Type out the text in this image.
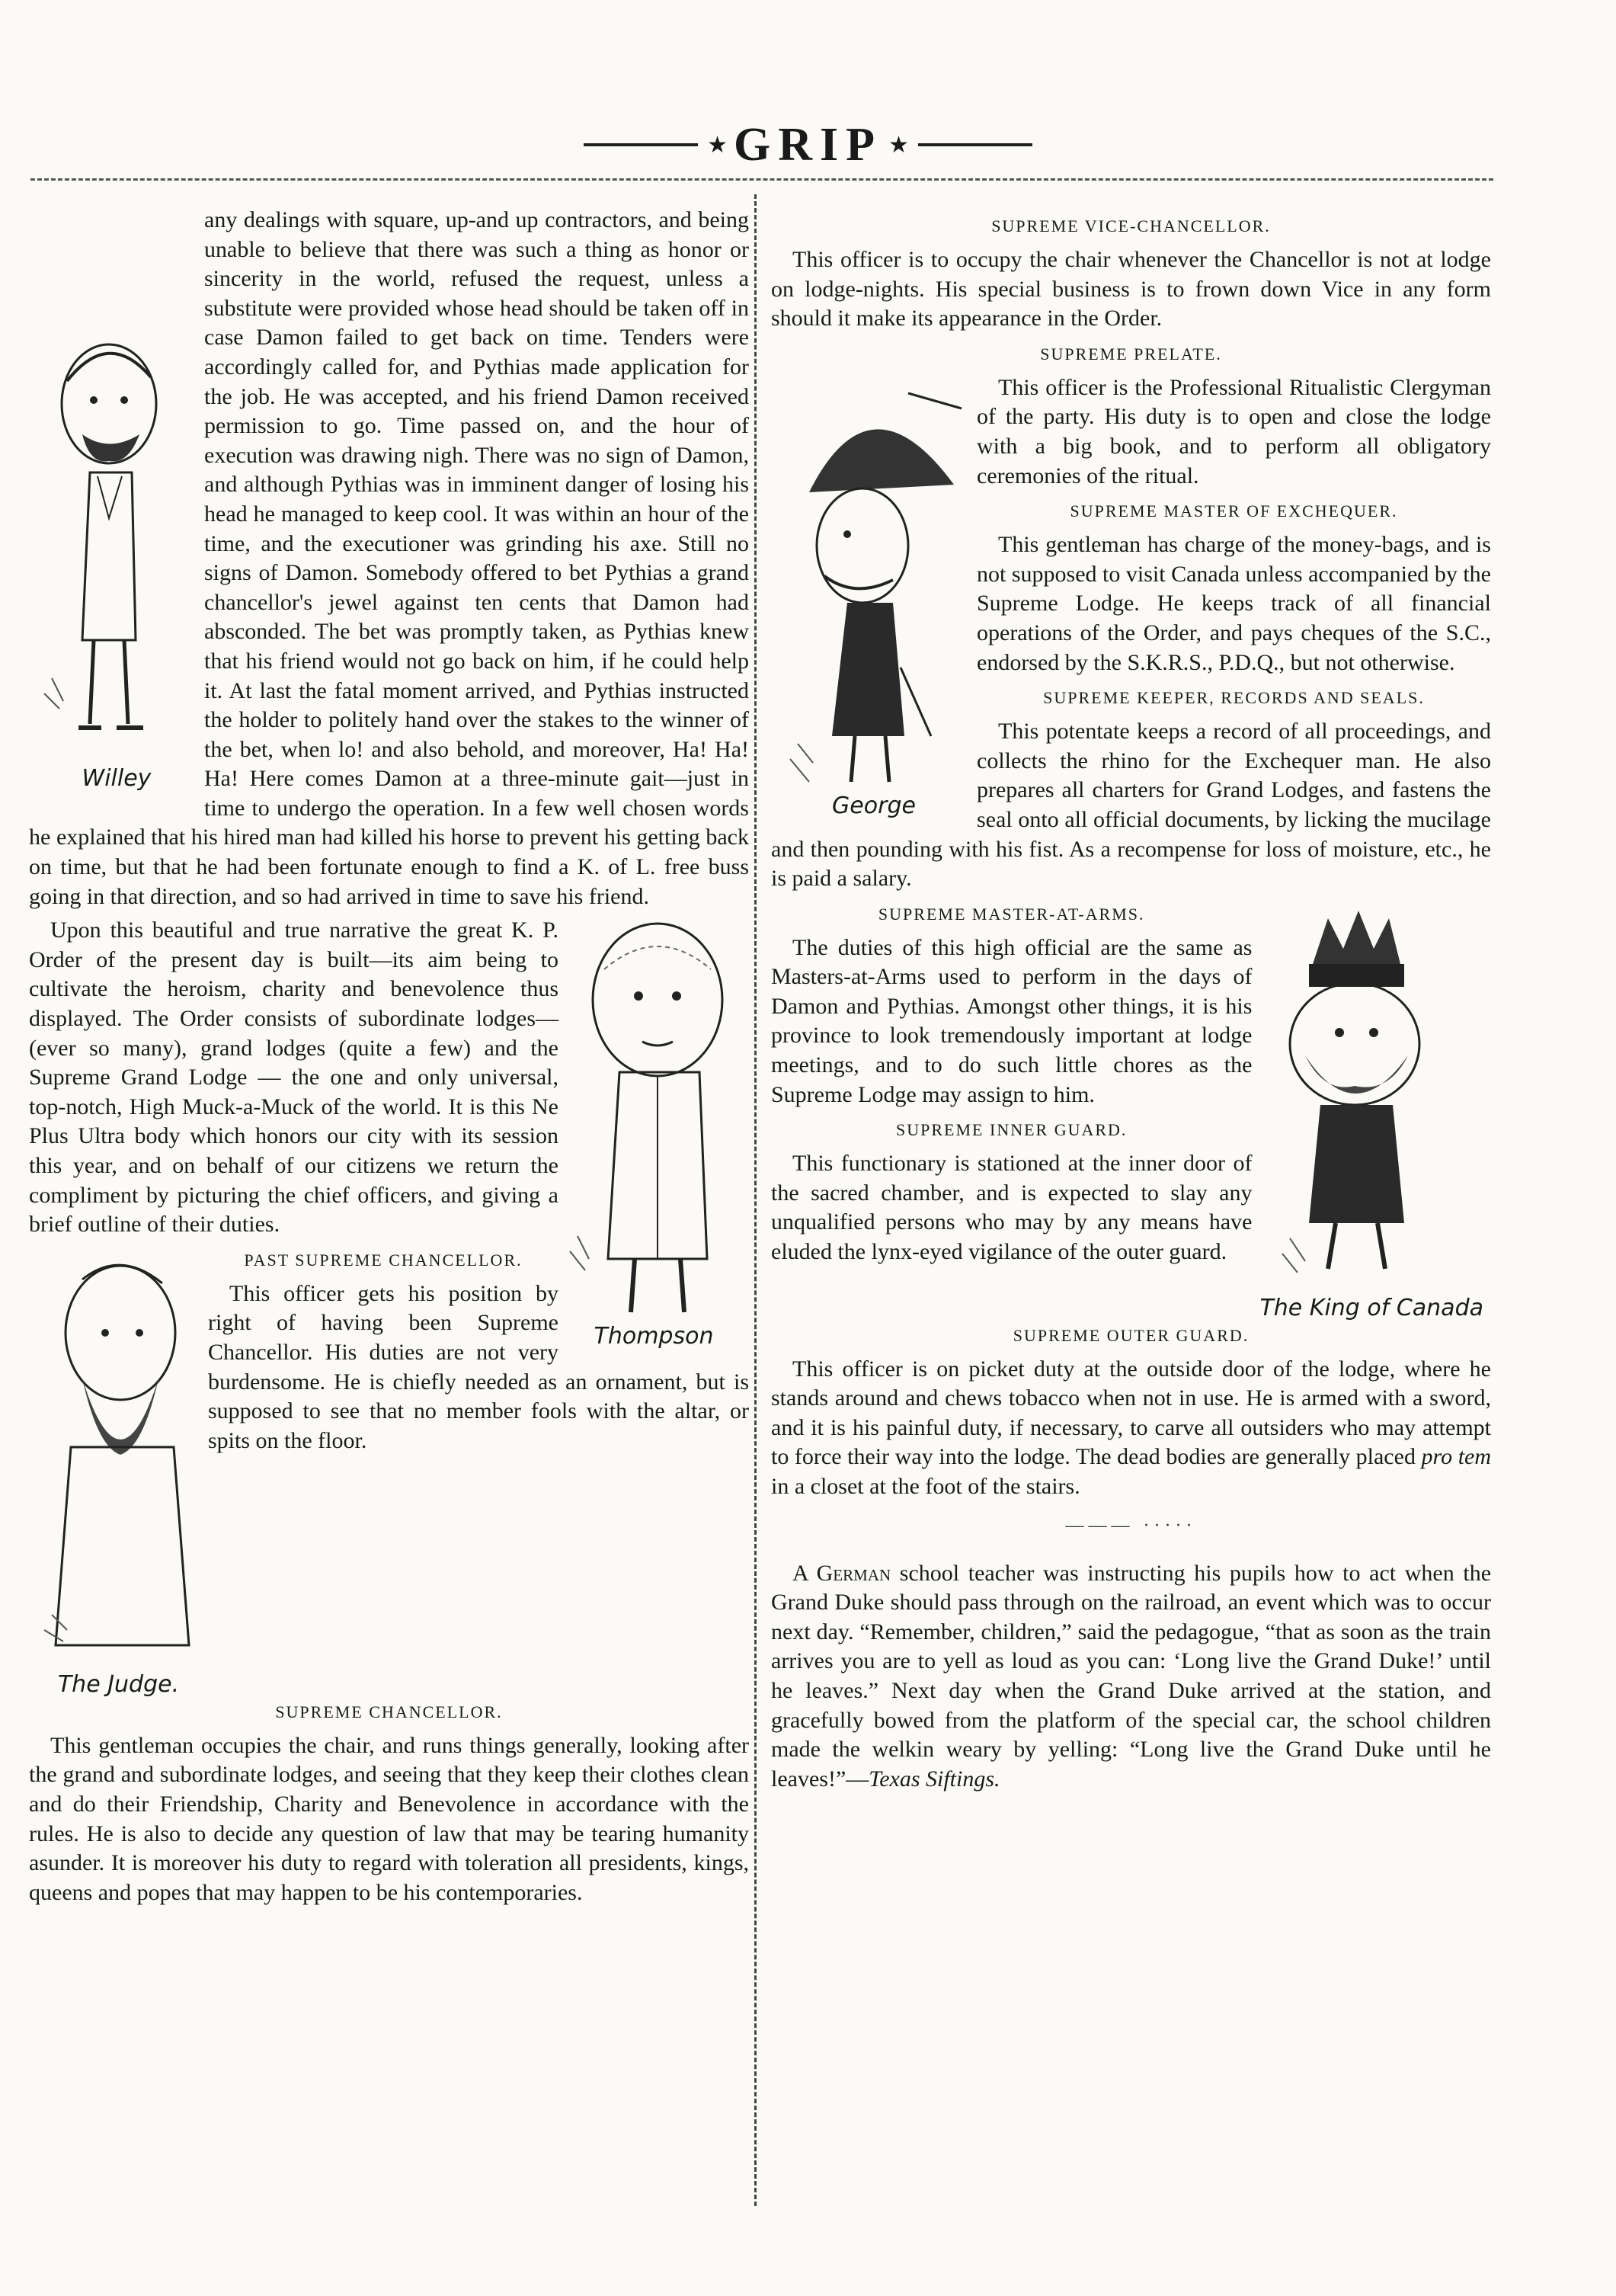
★ GRIP ★
Willey

any dealings with square, up-and up contractors, and being unable to believe that there was such a thing as honor or sincerity in the world, refused the request, unless a substitute were provided whose head should be taken off in case Damon failed to get back on time. Tenders were accordingly called for, and Pythias made application for the job. He was accepted, and his friend Damon received permission to go. Time passed on, and the hour of execution was drawing nigh. There was no sign of Damon, and although Pythias was in imminent danger of losing his head he managed to keep cool. It was within an hour of the time, and the executioner was grinding his axe. Still no signs of Damon. Somebody offered to bet Pythias a grand chancellor's jewel against ten cents that Damon had absconded. The bet was promptly taken, as Pythias knew that his friend would not go back on him, if he could help it. At last the fatal moment arrived, and Pythias instructed the holder to politely hand over the stakes to the winner of the bet, when lo! and also behold, and moreover, Ha! Ha! Ha! Here comes Damon at a three-minute gait—just in time to undergo the operation. In a few well chosen words he explained that his hired man had killed his horse to prevent his getting back on time, but that he had been fortunate enough to find a K. of L. free buss going in that direction, and so had arrived in time to save his friend.

Thompson

Upon this beautiful and true narrative the great K. P. Order of the present day is built—its aim being to cultivate the heroism, charity and benevolence thus displayed. The Order consists of subordinate lodges— (ever so many), grand lodges (quite a few) and the Supreme Grand Lodge — the one and only universal, top-notch, High Muck-a-Muck of the world. It is this Ne Plus Ultra body which honors our city with its session this year, and on behalf of our citizens we return the compliment by picturing the chief officers, and giving a brief outline of their duties.

The Judge.
PAST SUPREME CHANCELLOR.

This officer gets his position by right of having been Supreme Chancellor. His duties are not very burdensome. He is chiefly needed as an ornament, but is supposed to see that no member fools with the altar, or spits on the floor.

SUPREME CHANCELLOR.

This gentleman occupies the chair, and runs things generally, looking after the grand and subordinate lodges, and seeing that they keep their clothes clean and do their Friendship, Charity and Benevolence in accordance with the rules. He is also to decide any question of law that may be tearing humanity asunder. It is moreover his duty to regard with toleration all presidents, kings, queens and popes that may happen to be his contemporaries.

SUPREME VICE-CHANCELLOR.

This officer is to occupy the chair whenever the Chancellor is not at lodge on lodge-nights. His special business is to frown down Vice in any form should it make its appearance in the Order.

SUPREME PRELATE.
George

This officer is the Professional Ritualistic Clergyman of the party. His duty is to open and close the lodge with a big book, and to perform all obligatory ceremonies of the ritual.

SUPREME MASTER OF EXCHEQUER.

This gentleman has charge of the money-bags, and is not supposed to visit Canada unless accompanied by the Supreme Lodge. He keeps track of all financial operations of the Order, and pays cheques of the S.C., endorsed by the S.K.R.S., P.D.Q., but not otherwise.

SUPREME KEEPER, RECORDS AND SEALS.

This potentate keeps a record of all proceedings, and collects the rhino for the Exchequer man. He also prepares all charters for Grand Lodges, and fastens the seal onto all official documents, by licking the mucilage and then pounding with his fist. As a recompense for loss of moisture, etc., he is paid a salary.

The King of Canada
SUPREME MASTER-AT-ARMS.

The duties of this high official are the same as Masters-at-Arms used to perform in the days of Damon and Pythias. Amongst other things, it is his province to look tremendously important at lodge meetings, and to do such little chores as the Supreme Lodge may assign to him.

SUPREME INNER GUARD.

This functionary is stationed at the inner door of the sacred chamber, and is expected to slay any unqualified persons who may by any means have eluded the lynx-eyed vigilance of the outer guard.

SUPREME OUTER GUARD.

This officer is on picket duty at the outside door of the lodge, where he stands around and chews tobacco when not in use. He is armed with a sword, and it is his painful duty, if necessary, to carve all outsiders who may attempt to force their way into the lodge. The dead bodies are generally placed pro tem in a closet at the foot of the stairs.

——— ·····

A German school teacher was instructing his pupils how to act when the Grand Duke should pass through on the railroad, an event which was to occur next day. “Remember, children,” said the pedagogue, “that as soon as the train arrives you are to yell as loud as you can: ‘Long live the Grand Duke!’ until he leaves.” Next day when the Grand Duke arrived at the station, and gracefully bowed from the platform of the special car, the school children made the welkin weary by yelling: “Long live the Grand Duke until he leaves!”—Texas Siftings.
